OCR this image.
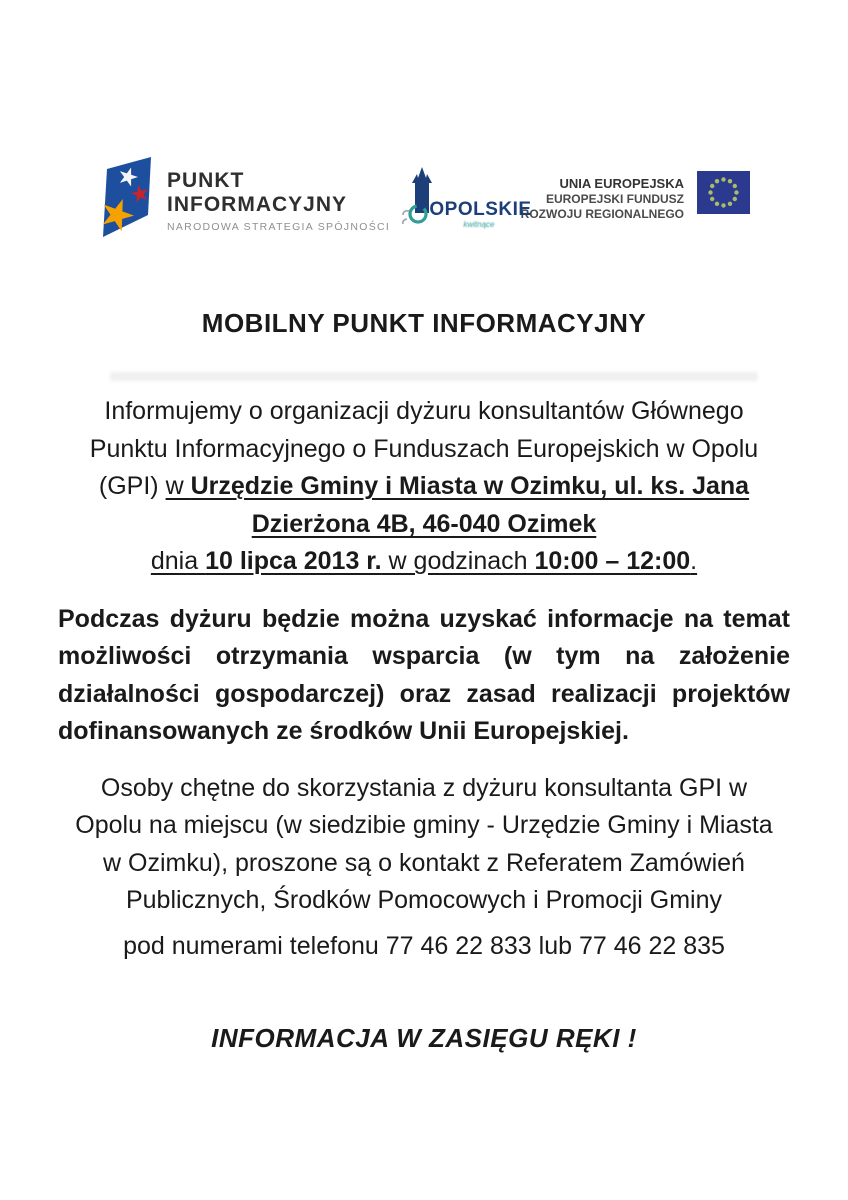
PUNKT
INFORMACYJNY
NARODOWA STRATEGIA SPÓJNOŚCI
OPOLSKIE
kwitnące
UNIA EUROPEJSKA
EUROPEJSKI FUNDUSZ
ROZWOJU REGIONALNEGO
MOBILNY PUNKT INFORMACYJNY
Informujemy o organizacji dyżuru konsultantów Głównego
Punktu Informacyjnego o Funduszach Europejskich w Opolu
(GPI) w Urzędzie Gminy i Miasta w Ozimku, ul. ks. Jana
Dzierżona 4B, 46-040 Ozimek
dnia 10 lipca 2013 r. w godzinach 10:00 – 12:00.
Podczas dyżuru będzie można uzyskać informacje na temat
możliwości otrzymania wsparcia (w tym na założenie
działalności gospodarczej) oraz zasad realizacji projektów
dofinansowanych ze środków Unii Europejskiej.
Osoby chętne do skorzystania z dyżuru konsultanta GPI w
Opolu na miejscu (w siedzibie gminy - Urzędzie Gminy i Miasta
w Ozimku), proszone są o kontakt z Referatem Zamówień
Publicznych, Środków Pomocowych i Promocji Gminy
pod numerami telefonu 77 46 22 833 lub 77 46 22 835
INFORMACJA W ZASIĘGU RĘKI !
